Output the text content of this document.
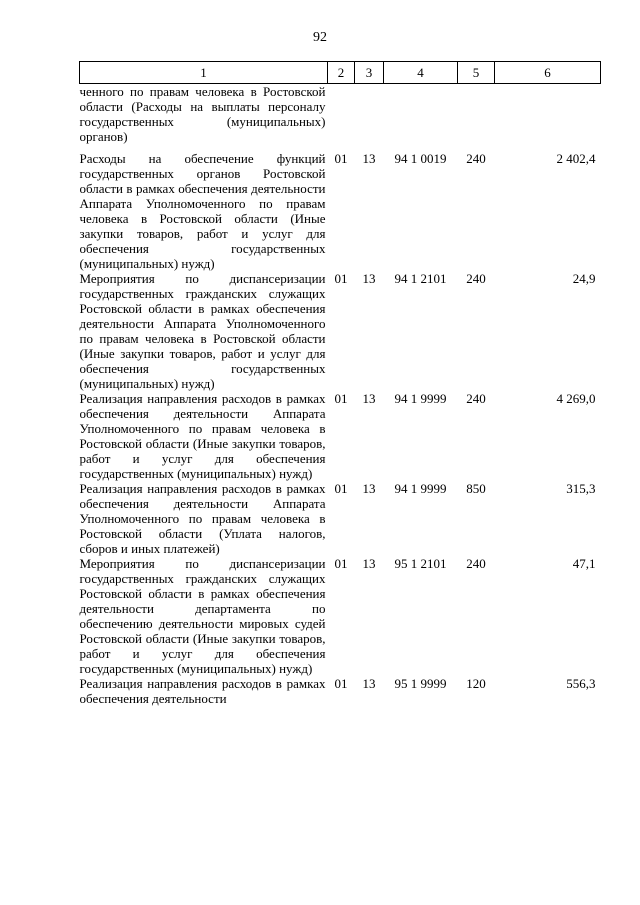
92
1	2	3	4	5	6
ченного по правам человека в Ростовской области (Расходы на выплаты персоналу государственных (муниципальных) органов)					
Расходы на обеспечение функций государственных органов Ростовской области в рамках обеспечения деятельности Аппарата Уполномоченного по правам человека в Ростовской области (Иные закупки товаров, работ и услуг для обеспечения государственных (муниципальных) нужд)	01	13	94 1 0019	240	2 402,4
Мероприятия по диспансеризации государственных гражданских служащих Ростовской области в рамках обеспечения деятельности Аппарата Уполномоченного по правам человека в Ростовской области (Иные закупки товаров, работ и услуг для обеспечения государственных (муниципальных) нужд)	01	13	94 1 2101	240	24,9
Реализация направления расходов в рамках обеспечения деятельности Аппарата Уполномоченного по правам человека в Ростовской области (Иные закупки товаров, работ и услуг для обеспечения государственных (муниципальных) нужд)	01	13	94 1 9999	240	4 269,0
Реализация направления расходов в рамках обеспечения деятельности Аппарата Уполномоченного по правам человека в Ростовской области (Уплата налогов, сборов и иных платежей)	01	13	94 1 9999	850	315,3
Мероприятия по диспансеризации государственных гражданских служащих Ростовской области в рамках обеспечения деятельности департамента по обеспечению деятельности мировых судей Ростовской области (Иные закупки товаров, работ и услуг для обеспечения государственных (муниципальных) нужд)	01	13	95 1 2101	240	47,1
Реализация направления расходов в рамках обеспечения деятельности	01	13	95 1 9999	120	556,3
